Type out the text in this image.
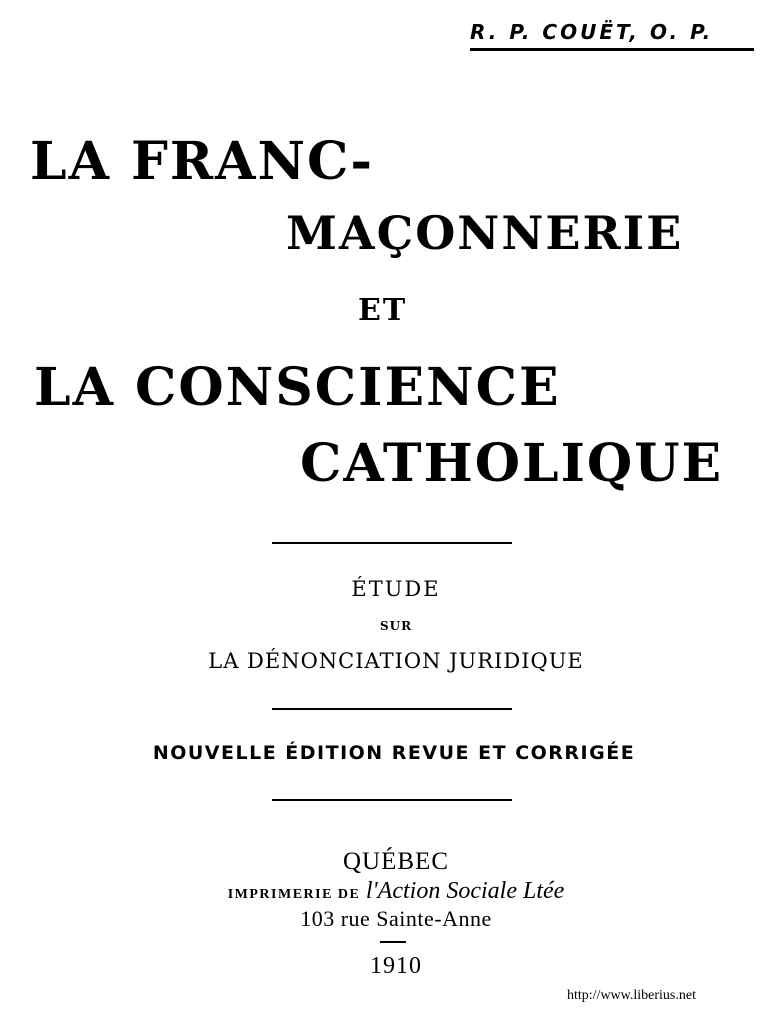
R. P. COUËT, O. P.
LA FRANC-
MAÇONNERIE
ET
LA CONSCIENCE
CATHOLIQUE
ÉTUDE
SUR
LA DÉNONCIATION JURIDIQUE
NOUVELLE ÉDITION REVUE ET CORRIGÉE
QUÉBEC
IMPRIMERIE DE l'Action Sociale Ltée
103 rue Sainte-Anne
1910
http://www.liberius.net
